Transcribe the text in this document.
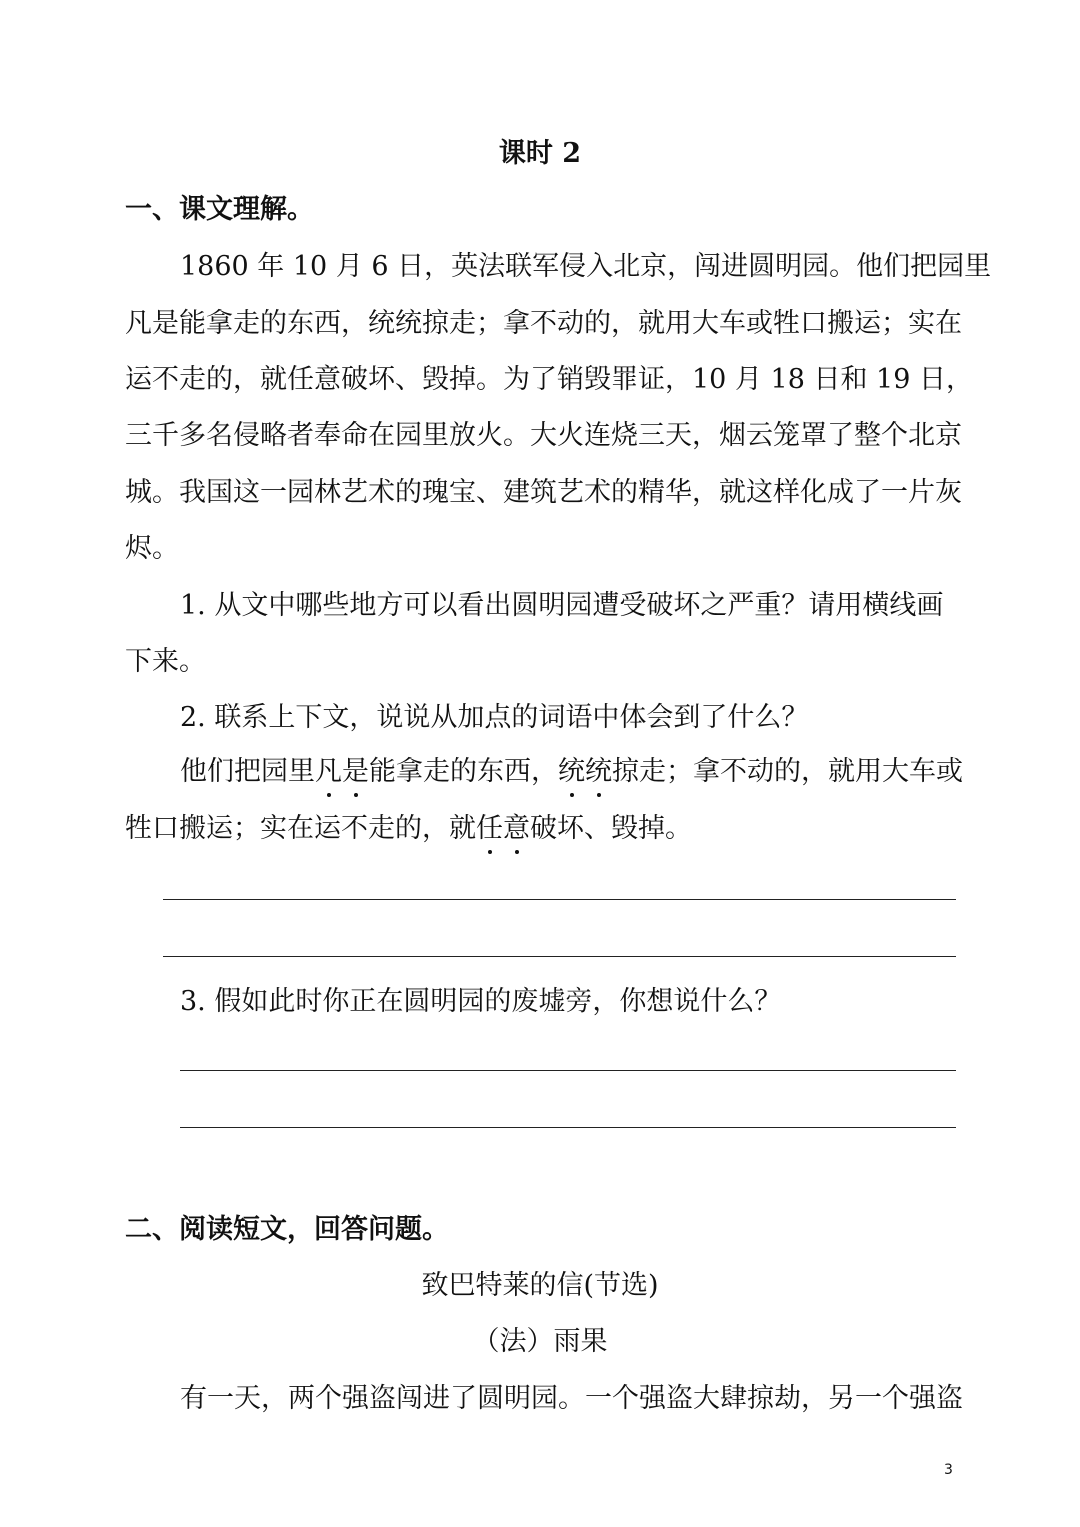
课时 2
一、课文理解。
1860 年 10 月 6 日，英法联军侵入北京，闯进圆明园。他们把园里
凡是能拿走的东西，统统掠走；拿不动的，就用大车或牲口搬运；实在
运不走的，就任意破坏、毁掉。为了销毁罪证，10 月 18 日和 19 日，
三千多名侵略者奉命在园里放火。大火连烧三天，烟云笼罩了整个北京
城。我国这一园林艺术的瑰宝、建筑艺术的精华，就这样化成了一片灰
烬。
1. 从文中哪些地方可以看出圆明园遭受破坏之严重？请用横线画
下来。
2. 联系上下文，说说从加点的词语中体会到了什么？
他们把园里凡是能拿走的东西，统统掠走；拿不动的，就用大车或
牲口搬运；实在运不走的，就任意破坏、毁掉。
3. 假如此时你正在圆明园的废墟旁，你想说什么？
二、阅读短文，回答问题。
致巴特莱的信(节选)
（法）雨果
有一天，两个强盗闯进了圆明园。一个强盗大肆掠劫，另一个强盗
3
